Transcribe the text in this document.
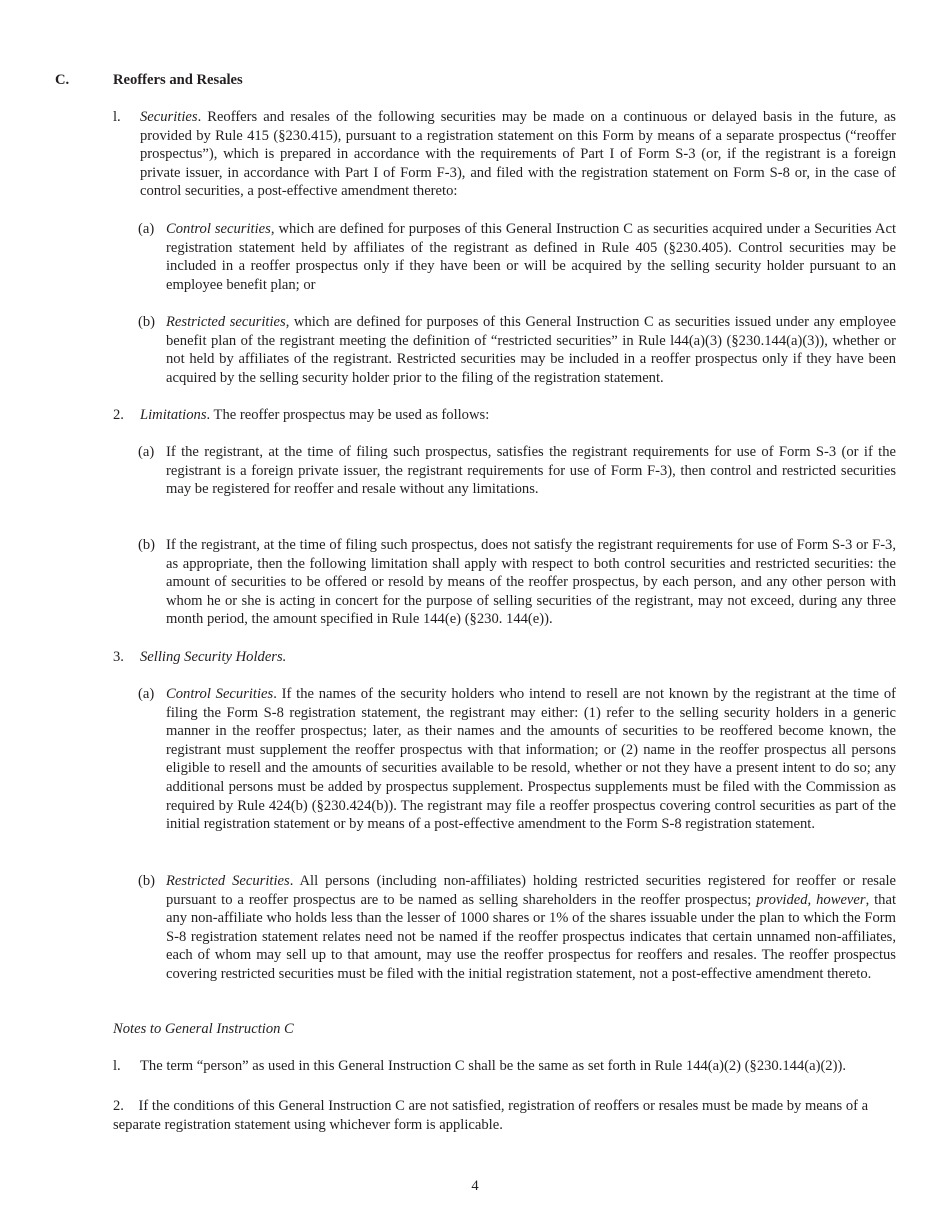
C.	Reoffers and Resales
l. Securities. Reoffers and resales of the following securities may be made on a continuous or delayed basis in the future, as provided by Rule 415 (§230.415), pursuant to a registration statement on this Form by means of a separate prospectus (“reoffer prospectus”), which is prepared in accordance with the requirements of Part I of Form S-3 (or, if the registrant is a foreign private issuer, in accordance with Part I of Form F-3), and filed with the registration statement on Form S-8 or, in the case of control securities, a post-effective amendment thereto:
(a) Control securities, which are defined for purposes of this General Instruction C as securities acquired under a Securities Act registration statement held by affiliates of the registrant as defined in Rule 405 (§230.405). Control securities may be included in a reoffer prospectus only if they have been or will be acquired by the selling security holder pursuant to an employee benefit plan; or
(b) Restricted securities, which are defined for purposes of this General Instruction C as securities issued under any employee benefit plan of the registrant meeting the definition of “restricted securities” in Rule l44(a)(3) (§230.144(a)(3)), whether or not held by affiliates of the registrant. Restricted securities may be included in a reoffer prospectus only if they have been acquired by the selling security holder prior to the filing of the registration statement.
2. Limitations. The reoffer prospectus may be used as follows:
(a) If the registrant, at the time of filing such prospectus, satisfies the registrant requirements for use of Form S-3 (or if the registrant is a foreign private issuer, the registrant requirements for use of Form F-3), then control and restricted securities may be registered for reoffer and resale without any limitations.
(b) If the registrant, at the time of filing such prospectus, does not satisfy the registrant requirements for use of Form S-3 or F-3, as appropriate, then the following limitation shall apply with respect to both control securities and restricted securities: the amount of securities to be offered or resold by means of the reoffer prospectus, by each person, and any other person with whom he or she is acting in concert for the purpose of selling securities of the registrant, may not exceed, during any three month period, the amount specified in Rule 144(e) (§230. 144(e)).
3. Selling Security Holders.
(a) Control Securities. If the names of the security holders who intend to resell are not known by the registrant at the time of filing the Form S-8 registration statement, the registrant may either: (1) refer to the selling security holders in a generic manner in the reoffer prospectus; later, as their names and the amounts of securities to be reoffered become known, the registrant must supplement the reoffer prospectus with that information; or (2) name in the reoffer prospectus all persons eligible to resell and the amounts of securities available to be resold, whether or not they have a present intent to do so; any additional persons must be added by prospectus supplement. Prospectus supplements must be filed with the Commission as required by Rule 424(b) (§230.424(b)). The registrant may file a reoffer prospectus covering control securities as part of the initial registration statement or by means of a post-effective amendment to the Form S-8 registration statement.
(b) Restricted Securities. All persons (including non-affiliates) holding restricted securities registered for reoffer or resale pursuant to a reoffer prospectus are to be named as selling shareholders in the reoffer prospectus; provided, however, that any non-affiliate who holds less than the lesser of 1000 shares or 1% of the shares issuable under the plan to which the Form S-8 registration statement relates need not be named if the reoffer prospectus indicates that certain unnamed non-affiliates, each of whom may sell up to that amount, may use the reoffer prospectus for reoffers and resales. The reoffer prospectus covering restricted securities must be filed with the initial registration statement, not a post-effective amendment thereto.
Notes to General Instruction C
l. The term “person” as used in this General Instruction C shall be the same as set forth in Rule 144(a)(2) (§230.144(a)(2)).
2. If the conditions of this General Instruction C are not satisfied, registration of reoffers or resales must be made by means of a separate registration statement using whichever form is applicable.
4
